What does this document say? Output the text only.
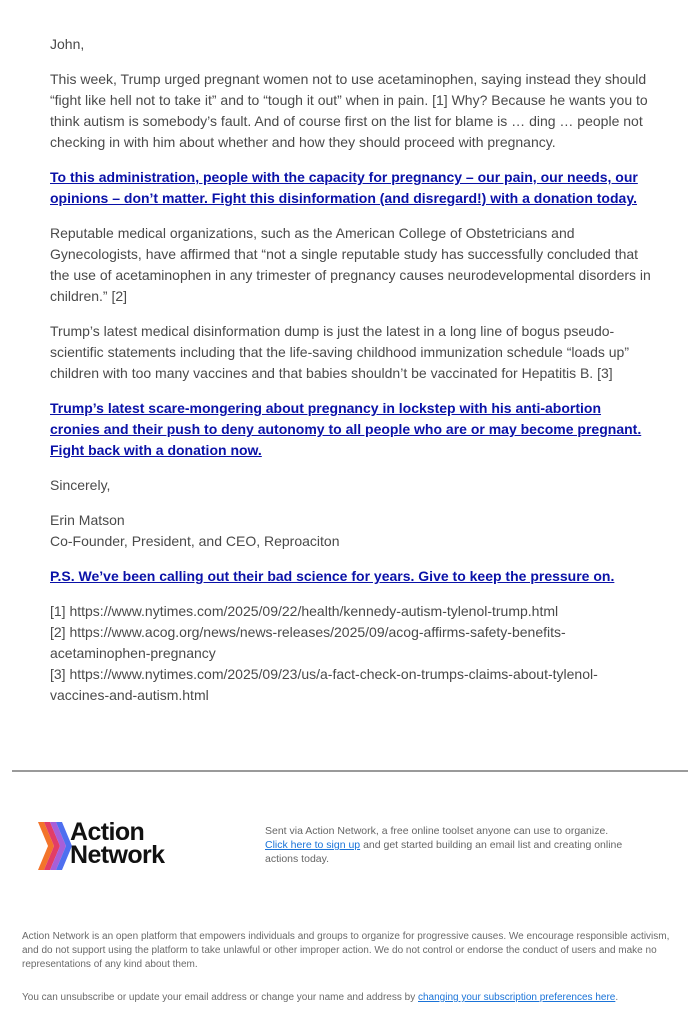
John,

This week, Trump urged pregnant women not to use acetaminophen, saying instead they should “fight like hell not to take it” and to “tough it out” when in pain. [1] Why? Because he wants you to think autism is somebody’s fault. And of course first on the list for blame is … ding … people not checking in with him about whether and how they should proceed with pregnancy.

To this administration, people with the capacity for pregnancy – our pain, our needs, our opinions – don’t matter. Fight this disinformation (and disregard!) with a donation today.

Reputable medical organizations, such as the American College of Obstetricians and Gynecologists, have affirmed that “not a single reputable study has successfully concluded that the use of acetaminophen in any trimester of pregnancy causes neurodevelopmental disorders in children.” [2]

Trump’s latest medical disinformation dump is just the latest in a long line of bogus pseudo-scientific statements including that the life-saving childhood immunization schedule “loads up” children with too many vaccines and that babies shouldn’t be vaccinated for Hepatitis B. [3]

Trump’s latest scare-mongering about pregnancy in lockstep with his anti-abortion cronies and their push to deny autonomy to all people who are or may become pregnant. Fight back with a donation now.

Sincerely,

Erin Matson
Co-Founder, President, and CEO, Reproaciton

P.S. We’ve been calling out their bad science for years. Give to keep the pressure on.

[1] https://www.nytimes.com/2025/09/22/health/kennedy-autism-tylenol-trump.html
[2] https://www.acog.org/news/news-releases/2025/09/acog-affirms-safety-benefits-acetaminophen-pregnancy
[3] https://www.nytimes.com/2025/09/23/us/a-fact-check-on-trumps-claims-about-tylenol-vaccines-and-autism.html

Action
Network
Sent via Action Network, a free online toolset anyone can use to organize.
Click here to sign up and get started building an email list and creating online actions today.
Action Network is an open platform that empowers individuals and groups to organize for progressive causes. We encourage responsible activism, and do not support using the platform to take unlawful or other improper action. We do not control or endorse the conduct of users and make no representations of any kind about them.
You can unsubscribe or update your email address or change your name and address by changing your subscription preferences here.
